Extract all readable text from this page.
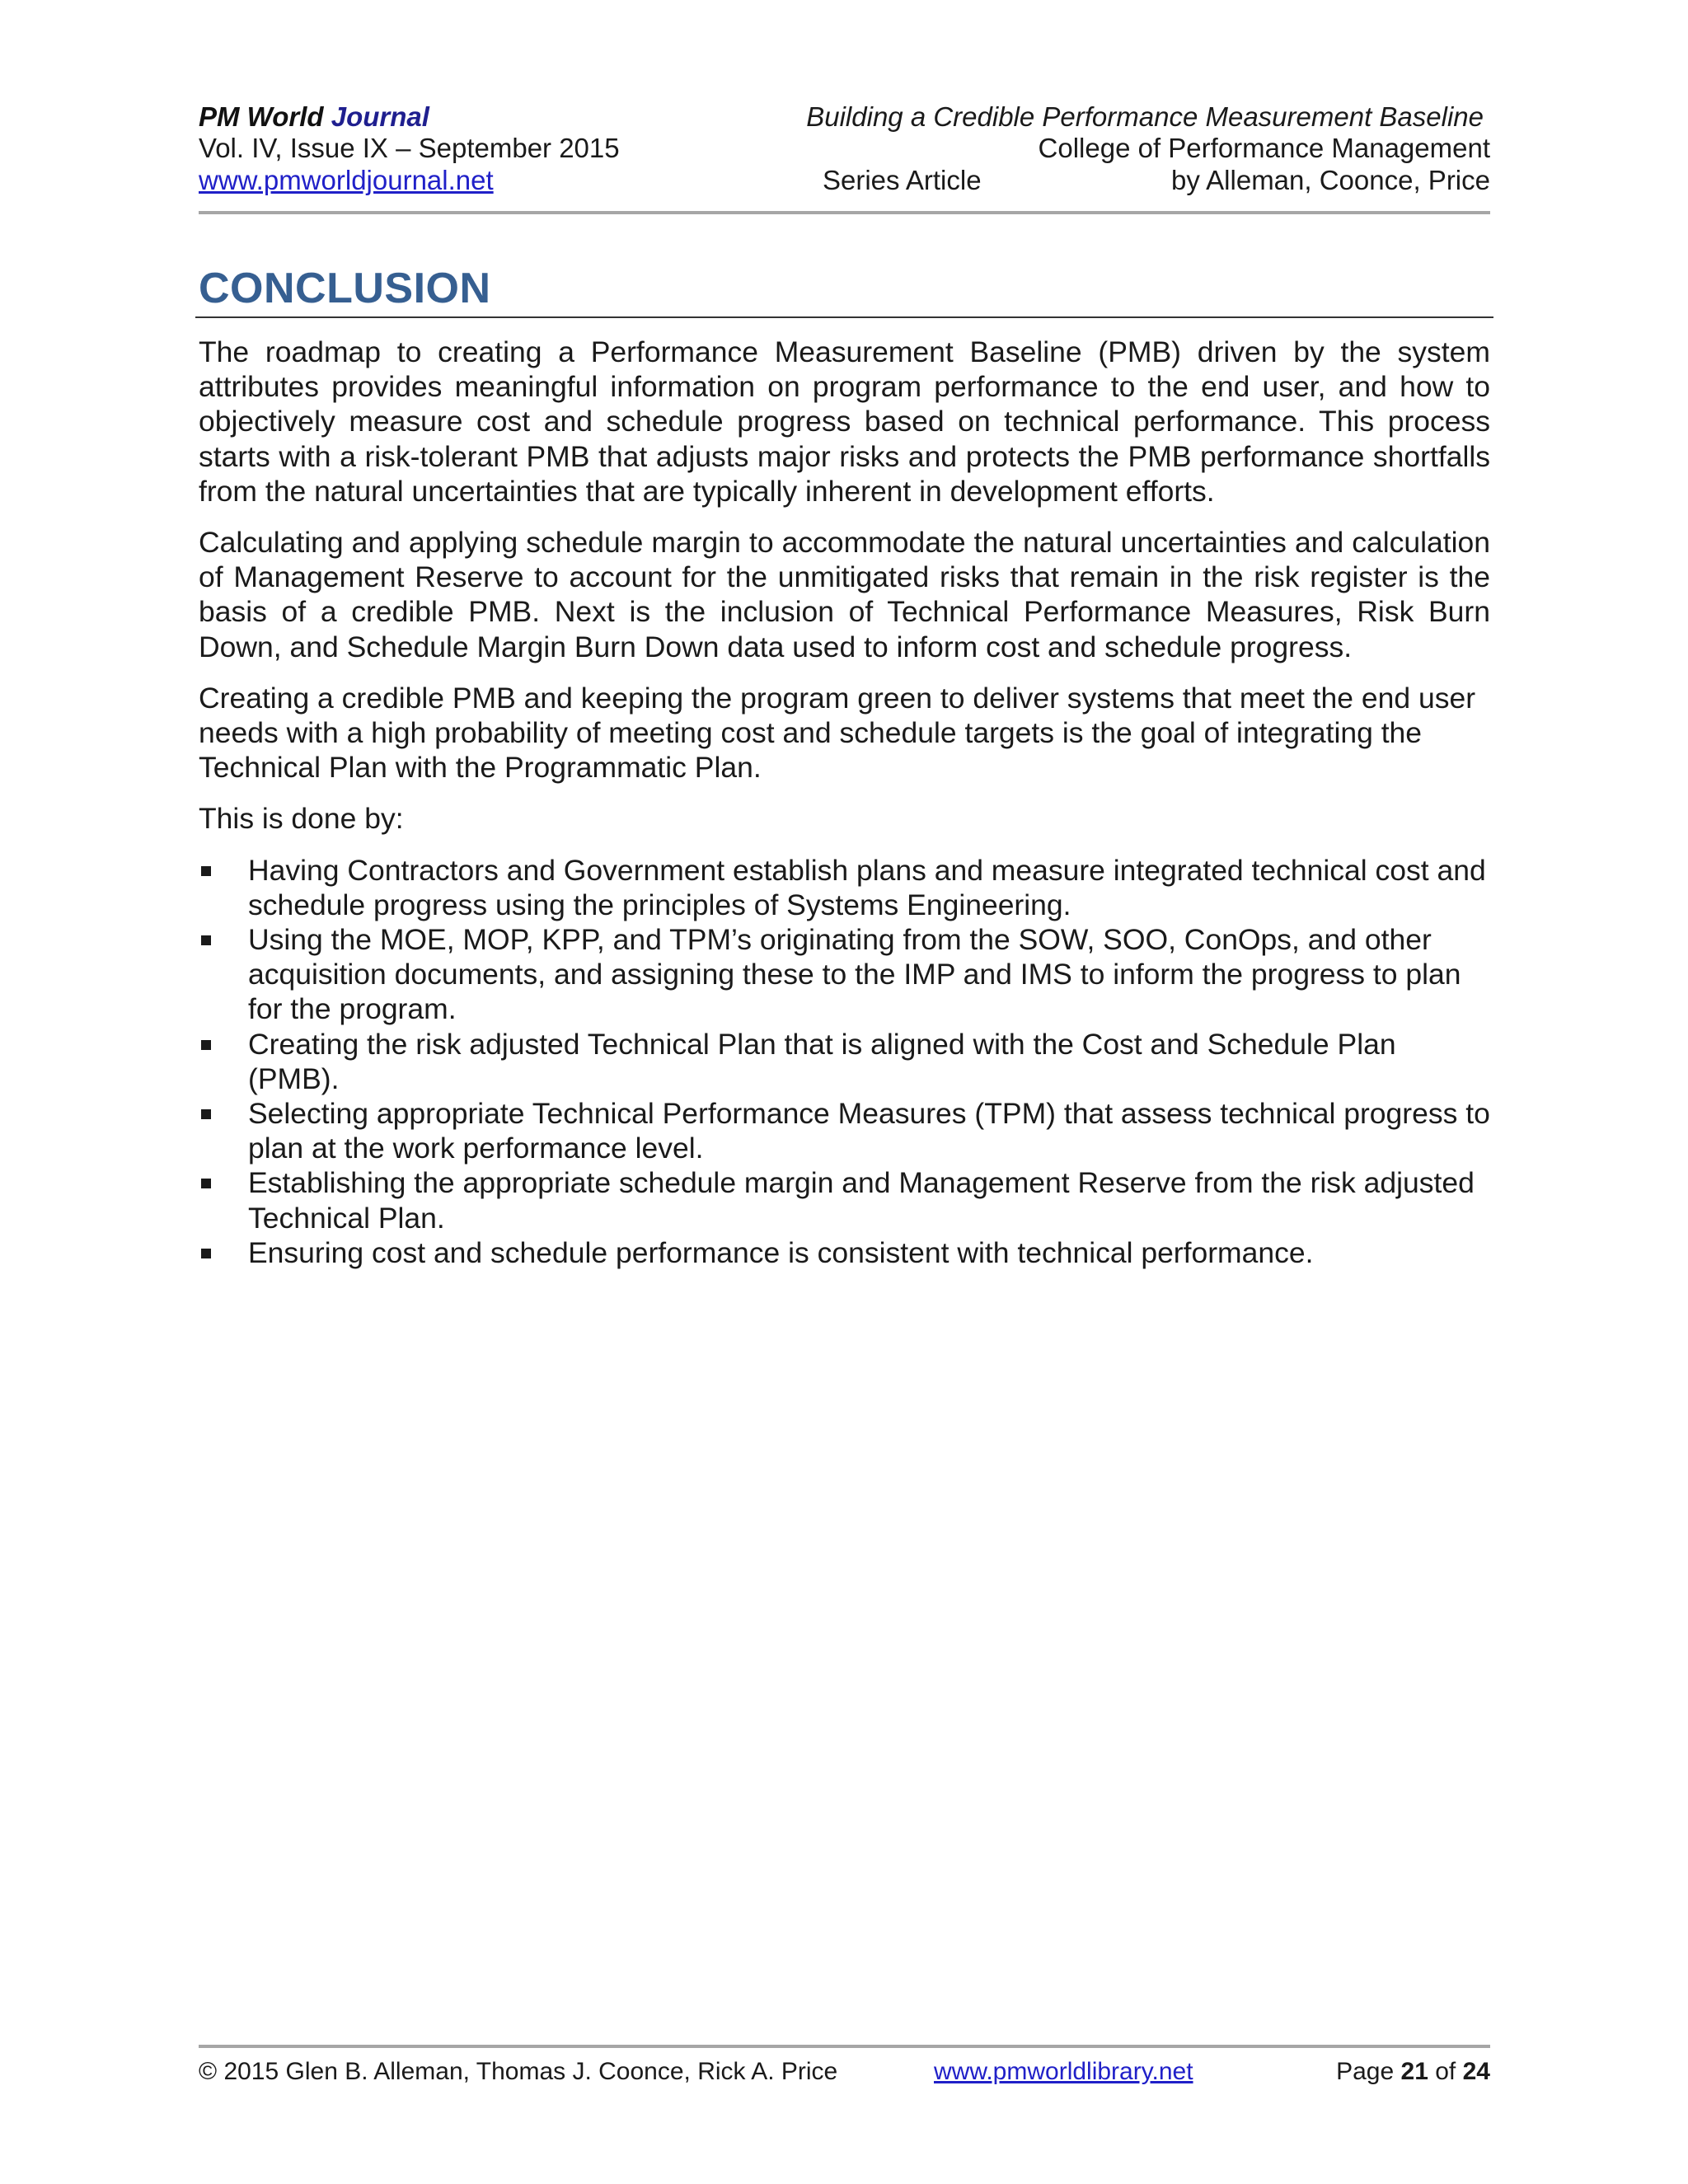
PM World Journal	Building a Credible Performance Measurement Baseline
Vol. IV, Issue IX – September 2015	College of Performance Management
www.pmworldjournal.net	Series Article	by Alleman, Coonce, Price
CONCLUSION

The roadmap to creating a Performance Measurement Baseline (PMB) driven by the system attributes provides meaningful information on program performance to the end user, and how to objectively measure cost and schedule progress based on technical performance. This process starts with a risk-tolerant PMB that adjusts major risks and protects the PMB performance shortfalls from the natural uncertainties that are typically inherent in development efforts.

Calculating and applying schedule margin to accommodate the natural uncertainties and calculation of Management Reserve to account for the unmitigated risks that remain in the risk register is the basis of a credible PMB. Next is the inclusion of Technical Performance Measures, Risk Burn Down, and Schedule Margin Burn Down data used to inform cost and schedule progress.

Creating a credible PMB and keeping the program green to deliver systems that meet the end user needs with a high probability of meeting cost and schedule targets is the goal of integrating the Technical Plan with the Programmatic Plan.

This is done by:

Having Contractors and Government establish plans and measure integrated technical cost and schedule progress using the principles of Systems Engineering.
Using the MOE, MOP, KPP, and TPM’s originating from the SOW, SOO, ConOps, and other acquisition documents, and assigning these to the IMP and IMS to inform the progress to plan for the program.
Creating the risk adjusted Technical Plan that is aligned with the Cost and Schedule Plan (PMB).
Selecting appropriate Technical Performance Measures (TPM) that assess technical progress to plan at the work performance level.
Establishing the appropriate schedule margin and Management Reserve from the risk adjusted Technical Plan.
Ensuring cost and schedule performance is consistent with technical performance.
© 2015 Glen B. Alleman, Thomas J. Coonce, Rick A. Price	www.pmworldlibrary.net	Page 21 of 24
